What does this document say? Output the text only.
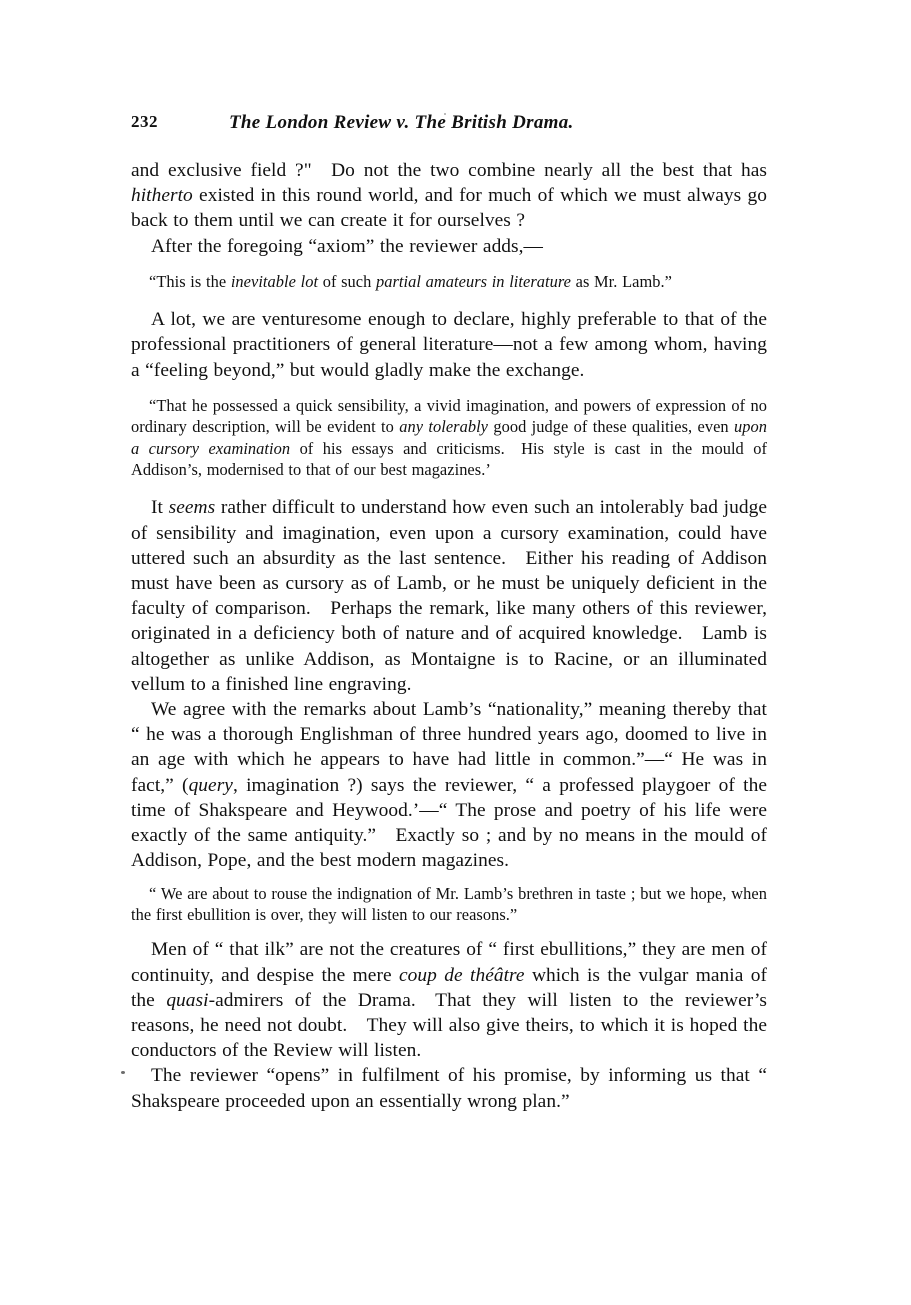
232	The London Review v. The British Drama.

and exclusive field ?" Do not the two combine nearly all the best that has hitherto existed in this round world, and for much of which we must always go back to them until we can create it for ourselves ?

After the foregoing “axiom” the reviewer adds,—

“This is the inevitable lot of such partial amateurs in literature as Mr. Lamb.”

A lot, we are venturesome enough to declare, highly preferable to that of the professional practitioners of general literature—not a few among whom, having a “feeling beyond,” but would gladly make the exchange.

“That he possessed a quick sensibility, a vivid imagination, and powers of expression of no ordinary description, will be evident to any tolerably good judge of these qualities, even upon a cursory examination of his essays and criticisms. His style is cast in the mould of Addison’s, modernised to that of our best magazines.’

It seems rather difficult to understand how even such an intolerably bad judge of sensibility and imagination, even upon a cursory examination, could have uttered such an absurdity as the last sentence. Either his reading of Addison must have been as cursory as of Lamb, or he must be uniquely deficient in the faculty of comparison. Perhaps the remark, like many others of this reviewer, originated in a deficiency both of nature and of acquired knowledge. Lamb is altogether as unlike Addison, as Montaigne is to Racine, or an illuminated vellum to a finished line engraving.

We agree with the remarks about Lamb’s “nationality,” meaning thereby that “ he was a thorough Englishman of three hundred years ago, doomed to live in an age with which he appears to have had little in common.”—“ He was in fact,” (query, imagination ?) says the reviewer, “ a professed playgoer of the time of Shakspeare and Heywood.’—“ The prose and poetry of his life were exactly of the same antiquity.” Exactly so ; and by no means in the mould of Addison, Pope, and the best modern magazines.

“ We are about to rouse the indignation of Mr. Lamb’s brethren in taste ; but we hope, when the first ebullition is over, they will listen to our reasons.”

Men of “ that ilk” are not the creatures of “ first ebullitions,” they are men of continuity, and despise the mere coup de théâtre which is the vulgar mania of the quasi-admirers of the Drama. That they will listen to the reviewer’s reasons, he need not doubt. They will also give theirs, to which it is hoped the conductors of the Review will listen.

The reviewer “opens” in fulfilment of his promise, by informing us that “ Shakspeare proceeded upon an essentially wrong plan.”
